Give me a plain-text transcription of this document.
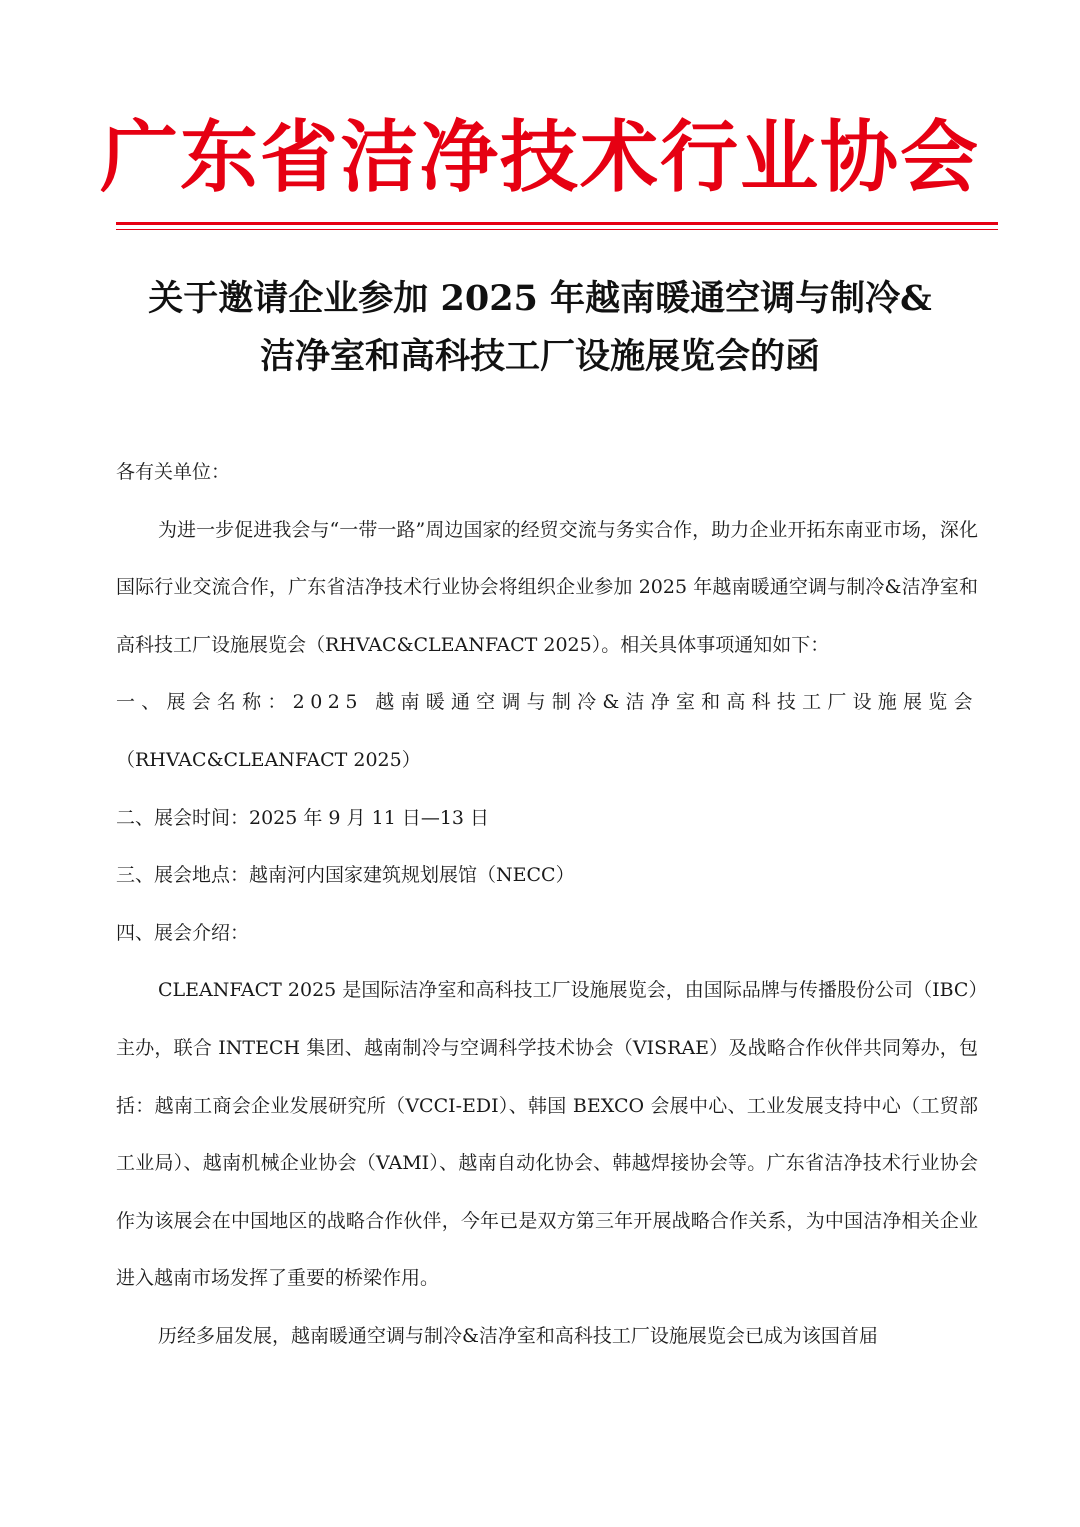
广东省洁净技术行业协会
关于邀请企业参加 2025 年越南暖通空调与制冷&
洁净室和高科技工厂设施展览会的函

各有关单位：

为进一步促进我会与“一带一路”周边国家的经贸交流与务实合作，助力企业开拓东南亚市场，深化国际行业交流合作，广东省洁净技术行业协会将组织企业参加 2025 年越南暖通空调与制冷&洁净室和高科技工厂设施展览会（RHVAC&CLEANFACT 2025）。相关具体事项通知如下：

一、展会名称：2025 越南暖通空调与制冷&洁净室和高科技工厂设施展览会

（RHVAC&CLEANFACT 2025）

二、展会时间：2025 年 9 月 11 日—13 日

三、展会地点：越南河内国家建筑规划展馆（NECC）

四、展会介绍：

CLEANFACT 2025 是国际洁净室和高科技工厂设施展览会，由国际品牌与传播股份公司（IBC）主办，联合 INTECH 集团、越南制冷与空调科学技术协会（VISRAE）及战略合作伙伴共同筹办，包括：越南工商会企业发展研究所（VCCI-EDI）、韩国 BEXCO 会展中心、工业发展支持中心（工贸部工业局）、越南机械企业协会（VAMI）、越南自动化协会、韩越焊接协会等。广东省洁净技术行业协会作为该展会在中国地区的战略合作伙伴，今年已是双方第三年开展战略合作关系，为中国洁净相关企业进入越南市场发挥了重要的桥梁作用。

历经多届发展，越南暖通空调与制冷&洁净室和高科技工厂设施展览会已成为该国首届
